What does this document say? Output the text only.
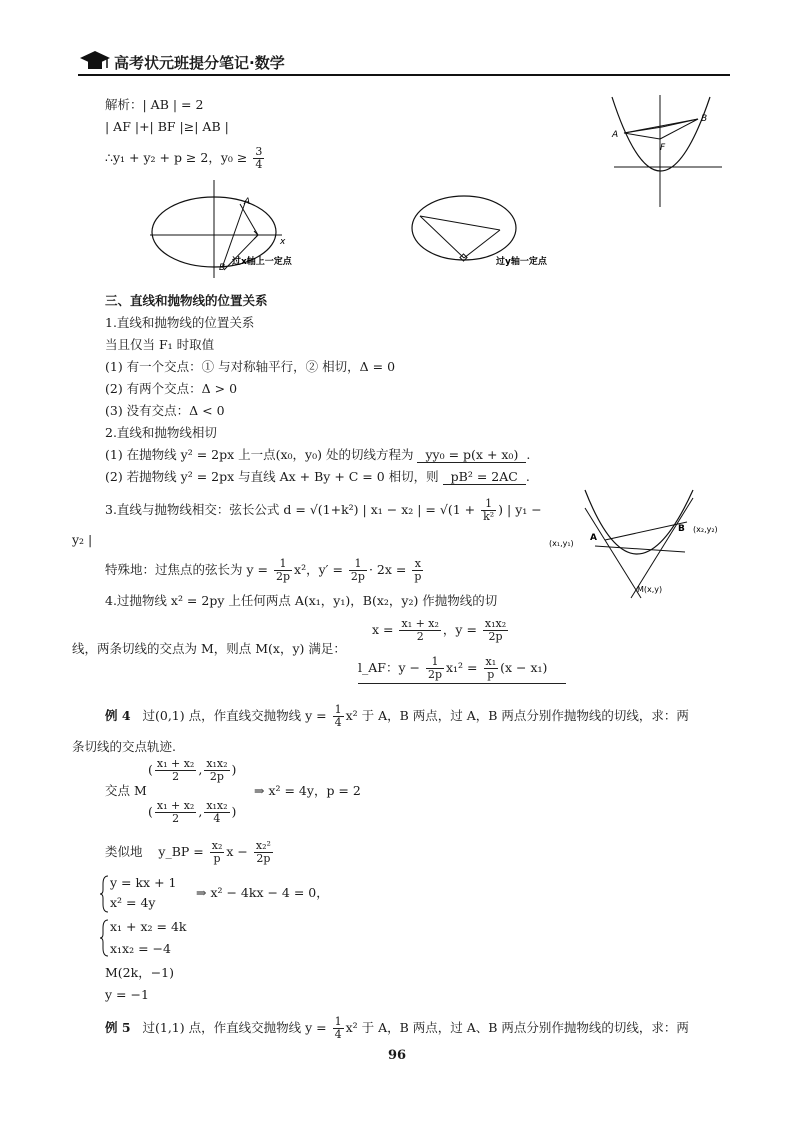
高考状元班提分笔记·数学
解析：| AB | = 2
| AF |+| BF |≥| AB |
∴y₁ + y₂ + p ≥ 2，$y_0 \ge \frac{3}{4}$
A
B
F
A
B
x
过x轴上一定点	过y轴一定点
三、直线和抛物线的位置关系
1.直线和抛物线的位置关系
当且仅当 F₁ 时取值
(1) 有一个交点：① 与对称轴平行，② 相切，Δ = 0
(2) 有两个交点：Δ > 0
(3) 没有交点：Δ < 0
2.直线和抛物线相切
(1) 在抛物线 y² = 2px 上一点(x₀，y₀) 处的切线方程为 yy₀ = p(x + x₀) .
(2) 若抛物线 y² = 2px 与直线 Ax + By + C = 0 相切，则 pB² = 2AC .
3.直线与抛物线相交：弦长公式 d = √(1+k²) | x₁ − x₂ | = $√(1 + \frac{1}{\text{k²}}$ ) | y₁ −
y₂ |
特殊地：过焦点的弦长为 $y = \frac{1}{2p} x^2$，$y' = \frac{1}{2p} \cdot 2x = \frac{x}{p}$
A
B
(x₁,y₁)
(x₂,y₂)
M(x,y)
4.过抛物线 x² = 2py 上任何两点 A(x₁，y₁)，B(x₂，y₂) 作抛物线的切
$x = \frac{\text{x₁ + x₂}}{2}$ ，$y = \frac{\text{x₁x₂}}{2p}$
线，两条切线的交点为 M，则点 M(x，y) 满足：
l_AF：$y - \frac{1}{2p} x_1^2 = \frac{\text{x₁}}{p} (x - x_1)$
例 4 过(0,1) 点，作直线交抛物线 $y = \frac{1}{4} x^2$ 于 A，B 两点，过 A，B 两点分别作抛物线的切线，求：两
条切线的交点轨迹.
交点 M
( $\frac{\text{x₁ + x₂}}{2}$ , $\frac{\text{x₁x₂}}{2p}$ )
( $\frac{\text{x₁ + x₂}}{2}$ , $\frac{\text{x₁x₂}}{4}$ )
⇒ x² = 4y，p = 2
类似地 y_BP = $\frac{\text{x₂}}{p}$ $x - \frac{\text{x₂²}}{2p}$
y = kx + 1
x² = 4y
⇒ x² − 4kx − 4 = 0，
x₁ + x₂ = 4k
x₁x₂ = −4
M(2k，−1)
y = −1
例 5 过(1,1) 点，作直线交抛物线 $y = \frac{1}{4} x^2$ 于 A，B 两点，过 A、B 两点分别作抛物线的切线，求：两
96
